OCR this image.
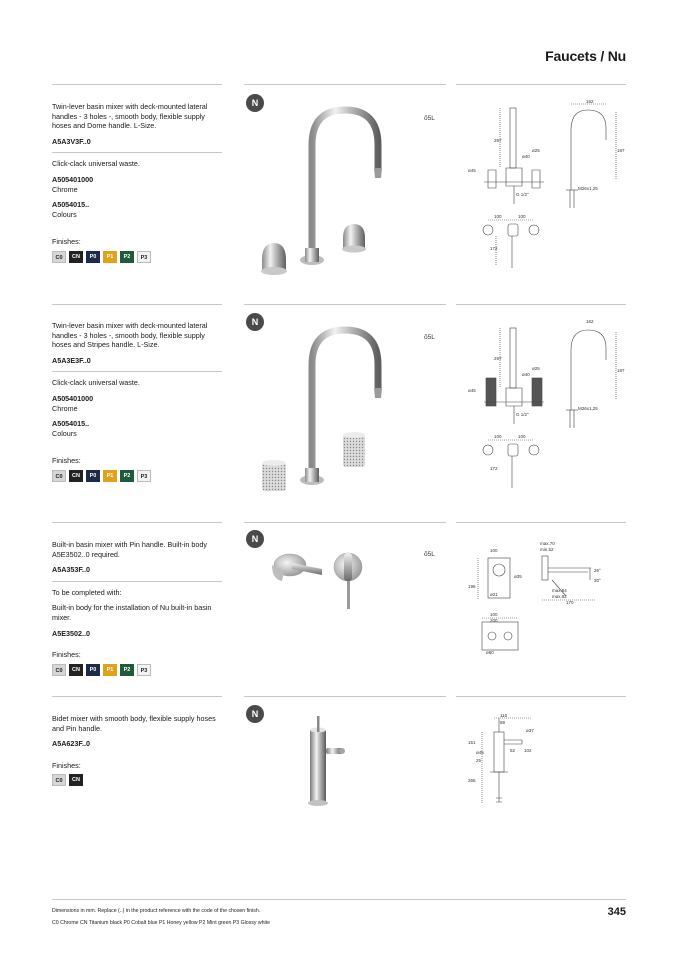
Faucets / Nu
Twin-lever basin mixer with deck-mounted lateral handles - 3 holes -, smooth body, flexible supply hoses and Dome handle. L-Size.
A5A3V3F..0
Click-clack universal waste.
A505401000
Chrome
A5054015..
Colours
Finishes:
C0	CN	P0	P1	P2	P3
N
õ5L
162
187
297
ø40
ø25
G 1/2"
M26x1,25
ø45
100	100
172
Twin-lever basin mixer with deck-mounted lateral handles - 3 holes -, smooth body, flexible supply hoses and Stripes handle. L-Size.
A5A3E3F..0
Click-clack universal waste.
A505401000
Chrome
A5054015..
Colours
Finishes:
C0	CN	P0	P1	P2	P3
N
õ5L
162
187
297
ø40
ø25
G 1/2"
M26x1,25
ø45
100	100
172
Built-in basin mixer with Pin handle. Built-in body A5E3502..0 required.
A5A353F..0
To be completed with:
Built-in body for the installation of Nu built-in basin mixer.
A5E3502..0
Finishes:
C0	CN	P0	P1	P2	P3
N
õ5L
100
max.70
min.52
196
ø35
ø21
170
26°
30°
max.84
max.92
100
200
ø60
Bidet mixer with smooth body, flexible supply hoses and Pin handle.
A5A623F..0
Finishes:
C0	CN
N	110
88
ø37
151
ø45
25
52 102
265
Dimensions in mm. Replace (..) in the product reference with the code of the chosen finish.
C0 Chrome CN Titanium black P0 Cobalt blue P1 Honey yellow P2 Mint green P3 Glossy white
345
